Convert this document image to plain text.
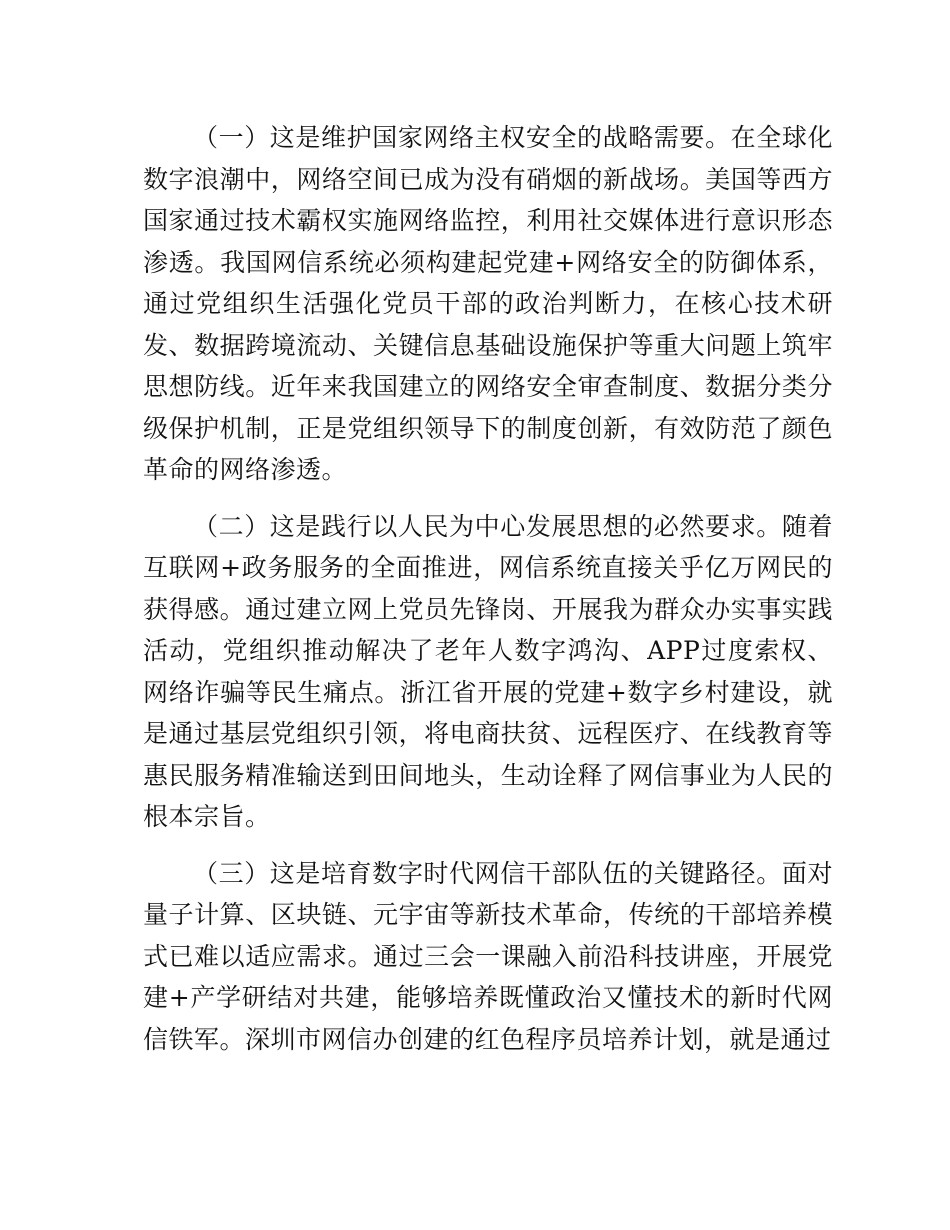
（一）这是维护国家网络主权安全的战略需要。在全球化数字浪潮中，网络空间已成为没有硝烟的新战场。美国等西方国家通过技术霸权实施网络监控，利用社交媒体进行意识形态渗透。我国网信系统必须构建起党建+网络安全的防御体系，通过党组织生活强化党员干部的政治判断力，在核心技术研发、数据跨境流动、关键信息基础设施保护等重大问题上筑牢思想防线。近年来我国建立的网络安全审查制度、数据分类分级保护机制，正是党组织领导下的制度创新，有效防范了颜色革命的网络渗透。

（二）这是践行以人民为中心发展思想的必然要求。随着互联网+政务服务的全面推进，网信系统直接关乎亿万网民的获得感。通过建立网上党员先锋岗、开展我为群众办实事实践活动，党组织推动解决了老年人数字鸿沟、APP过度索权、网络诈骗等民生痛点。浙江省开展的党建+数字乡村建设，就是通过基层党组织引领，将电商扶贫、远程医疗、在线教育等惠民服务精准输送到田间地头，生动诠释了网信事业为人民的根本宗旨。

（三）这是培育数字时代网信干部队伍的关键路径。面对量子计算、区块链、元宇宙等新技术革命，传统的干部培养模式已难以适应需求。通过三会一课融入前沿科技讲座，开展党建+产学研结对共建，能够培养既懂政治又懂技术的新时代网信铁军。深圳市网信办创建的红色程序员培养计划，就是通过
